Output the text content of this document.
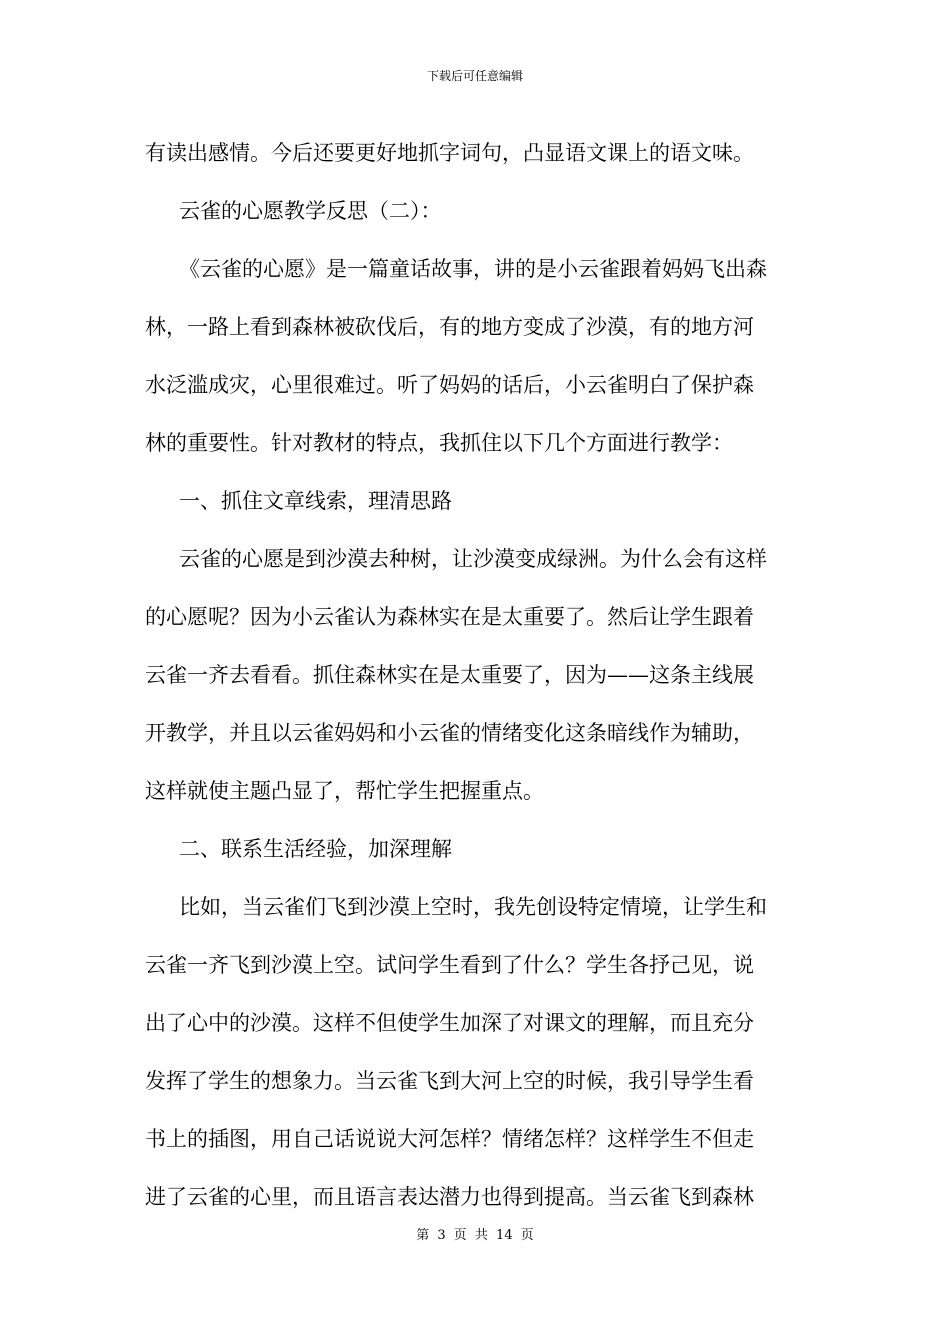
下载后可任意编辑

有读出感情。今后还要更好地抓字词句，凸显语文课上的语文味。

云雀的心愿教学反思（二）：

《云雀的心愿》是一篇童话故事，讲的是小云雀跟着妈妈飞出森

林，一路上看到森林被砍伐后，有的地方变成了沙漠，有的地方河

水泛滥成灾，心里很难过。听了妈妈的话后，小云雀明白了保护森

林的重要性。针对教材的特点，我抓住以下几个方面进行教学：

一、抓住文章线索，理清思路

云雀的心愿是到沙漠去种树，让沙漠变成绿洲。为什么会有这样

的心愿呢？因为小云雀认为森林实在是太重要了。然后让学生跟着

云雀一齐去看看。抓住森林实在是太重要了，因为——这条主线展

开教学，并且以云雀妈妈和小云雀的情绪变化这条暗线作为辅助，

这样就使主题凸显了，帮忙学生把握重点。

二、联系生活经验，加深理解

比如，当云雀们飞到沙漠上空时，我先创设特定情境，让学生和

云雀一齐飞到沙漠上空。试问学生看到了什么？学生各抒己见，说

出了心中的沙漠。这样不但使学生加深了对课文的理解，而且充分

发挥了学生的想象力。当云雀飞到大河上空的时候，我引导学生看

书上的插图，用自己话说说大河怎样？情绪怎样？这样学生不但走

进了云雀的心里，而且语言表达潜力也得到提高。当云雀飞到森林

第 3 页 共 14 页
